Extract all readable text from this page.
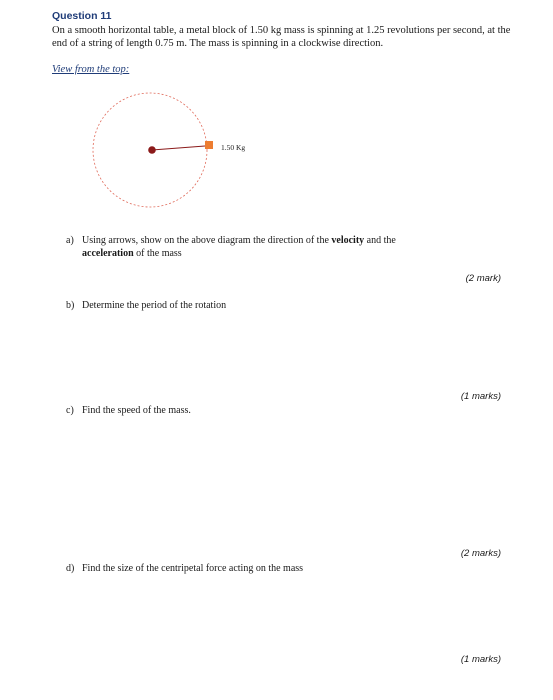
Question 11
On a smooth horizontal table, a metal block of 1.50 kg mass is spinning at 1.25 revolutions per second, at the end of a string of length 0.75 m. The mass is spinning in a clockwise direction.
View from the top:
1.50 Kg
a) Using arrows, show on the above diagram the direction of the velocity and the
acceleration of the mass
(2 mark)
b) Determine the period of the rotation
(1 marks)
c) Find the speed of the mass.
(2 marks)
d) Find the size of the centripetal force acting on the mass
(1 marks)
